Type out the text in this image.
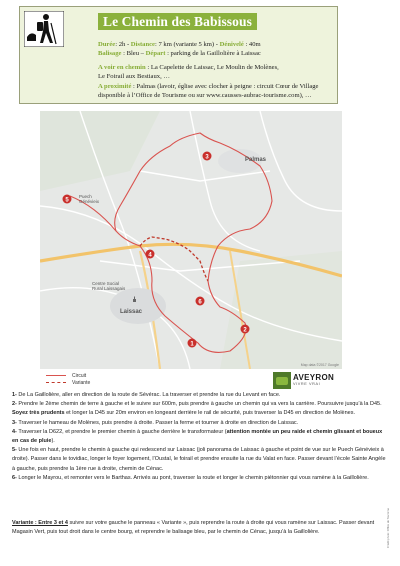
Le Chemin des Babissous
Durée: 2h - Distance: 7 km (variante 5 km) - Dénivelé : 40m
Balisage : Bleu – Départ : parking de la Gaillolière à Laissac
A voir en chemin : La Capelette de Laissac, Le Moulin de Molènes,
Le Foirail aux Bestiaux, …
A proximité : Palmas (lavoir, église avec clocher à peigne : circuit Cœur de Village
disponible à l’Office de Tourisme ou sur www.causses-aubrac-tourisme.com), …
1
2
3
4
5
6
Palmas
Laissac
Puech
Génévieix
Centre Social
Rural Laissagais
Map data ©2017 Google
Circuit
Variante
AVEYRON
VIVRE VRAI

1- De La Gaillolière, aller en direction de la route de Sévérac. La traverser et prendre la rue du Levant en face.

2- Prendre le 2ème chemin de terre à gauche et le suivre sur 600m, puis prendre à gauche un chemin qui va vers la carrière. Poursuivre jusqu’à la D45. Soyez très prudents et longer la D45 sur 20m environ en longeant derrière le rail de sécurité, puis traverser la D45 en direction de Molènes.

3- Traverser le hameau de Molènes, puis prendre à droite. Passer la ferme et tourner à droite en direction de Laissac.

4- Traverser la D622, et prendre le premier chemin à gauche derrière le transformateur (attention montée un peu raide et chemin glissant et boueux en cas de pluie).

5- Une fois en haut, prendre le chemin à gauche qui redescend sur Laissac (joli panorama de Laissac à gauche et point de vue sur le Puech Génévieix à droite). Passer dans le tovidiac, longer le foyer logement, l’Oustal, le foirail et prendre ensuite la rue du Valat en face. Passer devant l’école Sainte Angèle à gauche, puis prendre la 1ère rue à droite, chemin de Cénac.

6- Longer le Mayrou, et remonter vers le Barthas. Arrivés au pont, traverser la route et longer le chemin piétonnier qui vous ramène à la Gaillolière.

Variante : Entre 3 et 4 suivre sur votre gauche le panneau « Variante », puis reprendre la route à droite qui vous ramène sur Laissac. Passer devant Magasin Vert, puis tout droit dans le centre bourg, et reprendre le balisage bleu, par le chemin de Cénac, jusqu’à la Gaillolière.	Crédit photo: Office de Tourisme
